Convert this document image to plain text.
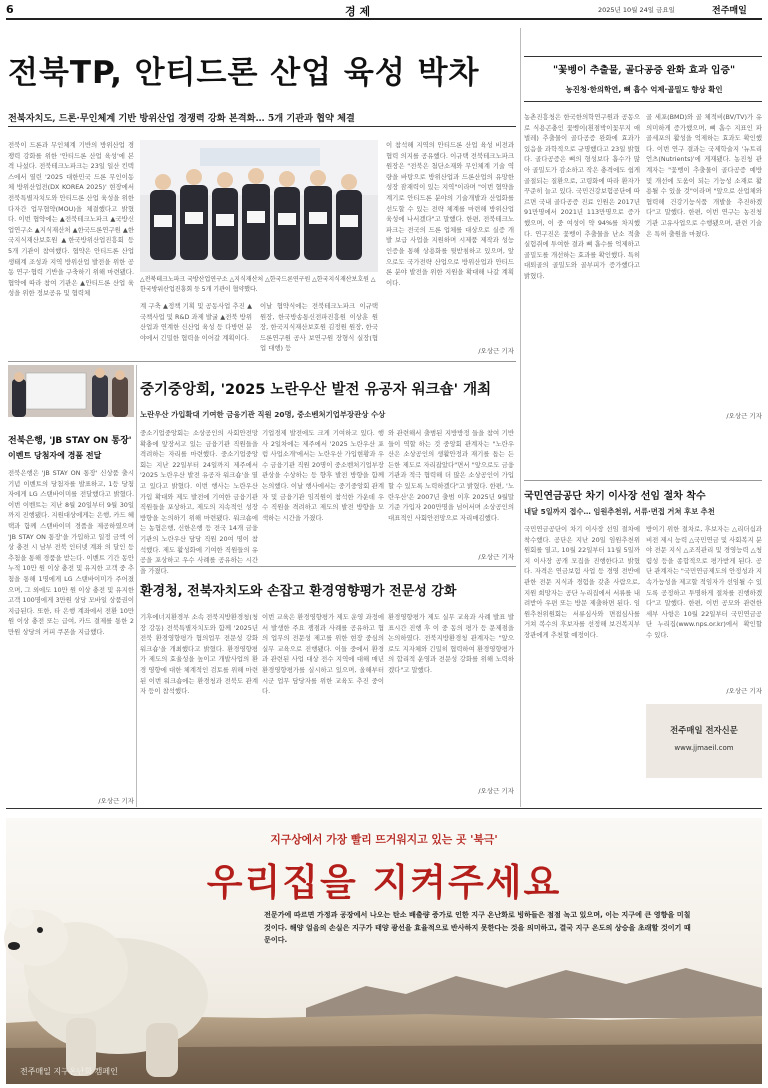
6	경 제	2025년 10월 24일 금요일	전주매일
전북TP, 안티드론 산업 육성 박차
전북자치도, 드론·무인체계 기반 방위산업 경쟁력 강화 본격화… 5개 기관과 협약 체결
전북이 드론과 무인체계 기반의 방위산업 경쟁력 강화를 위한 '안티드론 산업 육성'에 본격 나섰다. 전북테크노파크는 23일 일산 킨텍스에서 열린 '2025 대한민국 드론 무인이동체 방위산업전(DX KOREA 2025)' 현장에서 전북특별자치도와 안티드론 산업 육성을 위한 다자간 업무협약(MOU)을 체결했다고 밝혔다. 이번 협약에는 ▲전북테크노파크 ▲국방신 업연구소 ▲지식재산처 ▲한국드론연구원 ▲한국지식재산보호원 ▲한국방위산업진흥회 등 5개 기관이 참여했다. 협약은 안티드론 산업 생태계 조성과 지역 방위산업 발전을 위한 공동 연구·협력 기반을 구축하기 위해 마련됐다. 협약에 따라 참여 기관은 ▲안티드론 산업 육성을 위한 정보공유 및 협력체
△전북테크노파크 국방산업연구소 △지식재산처 △한국드론연구원 △한국지식재산보호원 △한국방위산업진흥회 등 5개 기관이 협약했다.
계 구축 ▲정책 기획 및 공동사업 추진 ▲국책사업 및 R&D 과제 발굴 ▲전북 방위산업과 연계한 신산업 육성 등 다방면 분야에서 긴밀한 협력을 이어갈 계획이다.
이날 협약식에는 전북테크노파크 이규택 원장, 한국방송통신전파진흥원 이상훈 원장, 한국지식재산보호원 김정원 원장, 한국드론연구원 공사 보연구원 장형식 실장(협업 대행) 등
이 참석해 지역의 안티드론 산업 육성 비전과 협력 의지를 공유했다. 이규택 전북테크노파크 원장은 "전북은 첨단소재와 무인체계 기술 역량을 바탕으로 방위산업과 드론산업의 유망한 성장 잠재력이 있는 지역"이라며 "이번 협약을 계기로 안티드론 분야의 기술개발과 산업화를 선도할 수 있는 전략 체계를 마련해 방위산업 육성에 나서겠다"고 말했다. 한편, 전북테크노파크는 전국의 드론 업체를 대상으로 실증 개발 보급 사업을 지원하며 시제품 제작과 성능 인증을 통해 상용화를 뒷받침하고 있으며, 앞으로도 국가전략 산업으로 방위산업과 안티드론 분야 발전을 위한 지원을 확대해 나갈 계획이다.
/오상근 기자
전북은행, 'JB STAY ON 통장'
이벤트 당첨자에 경품 전달
전북은행은 'JB STAY ON 통장' 신상품 출시 기념 이벤트의 당첨자를 발표하고, 1등 당첨자에게 LG 스탠바이미를 전달했다고 밝혔다. 이번 이벤트는 지난 8월 20일부터 9월 30일까지 진행됐다. 지원대상에게는 은행, 카드 혜택과 함께 스탠바이미 경품을 제공하였으며 'JB STAY ON 통장'을 가입하고 일정 금액 이상 충전 시 남부 전북 인터넷 계좌 의 달인 등 추첨을 통해 경품을 받는다. 이벤트 기간 동안 누적 10만 원 이상 충전 및 유지한 고객 중 추첨을 통해 1명에게 LG 스탠바이미가 주어졌으며, 그 외에도 10만 원 이상 충전 및 유지한 고객 100명에게 3만원 상당 모바일 상품권이 지급된다. 또한, 타 은행 계좌에서 전환 10만원 이상 충전 또는 급여, 카드 결제를 통한 2만원 상당의 커피 쿠폰을 지급했다.
/오상근 기자
중기중앙회, '2025 노란우산 발전 유공자 워크숍' 개최
노란우산 가입확대 기여한 금융기관 직원 20명, 중소벤처기업부장관상 수상
중소기업중앙회는 소상공인의 사회안전망 확충에 앞장서고 있는 금융기관 직원들을 격려하는 자리를 마련했다. 중소기업중앙회는 지난 22일부터 24일까지 제주에서 '2025 노란우산 발전 유공자 워크숍'을 열고 있다고 밝혔다. 이번 행사는 노란우산 가입 확대와 제도 발전에 기여한 금융기관 직원들을 포상하고, 제도의 지속적인 성장 방향을 논의하기 위해 마련됐다. 워크숍에는 농협은행, 신한은행 등 전국 14개 금융기관의 노란우산 담당 직원 20여 명이 참석했다. 제도 활성화에 기여한 직원들의 유공을 포상하고 우수 사례를 공유하는 시간을 가졌다.
기업경제 발전에도 크게 기여하고 있다. 행사 2일차에는 제주에서 '2025 노란우산 포럼 사업소개'에서는 노란우산 가입현황과 우수 금융기관 직원 20명이 중소벤처기업부장관상을 수상하는 등 향후 발전 방향을 함께 논의했다. 이날 행사에서는 중기중앙회 관계자 및 금융기관 임직원이 참석한 가운데 우수 직원을 격려하고 제도의 발전 방향을 모색하는 시간을 가졌다.
와 관련해서 출범된 지방방정 들을 참여 기반들이 역할 하는 것 중앙회 관계자는 "노란우산은 소상공인의 생활안정과 재기를 돕는 든든한 제도로 자리잡았다"면서 "앞으로도 금융기관과 적극 협력해 더 많은 소상공인이 가입할 수 있도록 노력하겠다"고 밝혔다. 한편, '노란우산'은 2007년 출범 이후 2025년 9월말 기준 가입자 200만명을 넘어서며 소상공인의 대표적인 사회안전망으로 자리매김했다.
/오상근 기자
환경청, 전북자치도와 손잡고 환경영향평가 전문성 강화
기후에너지환경부 소속 전북지방환경청(청장 강동) 전북특별자치도와 함께 '2025년 전북 환경영향평가 협의업무 전문성 강화 워크숍'을 개최했다고 밝혔다. 환경영향평가 제도의 효율성을 높이고 개발사업의 환경 영향에 대한 체계적인 검토를 위해 마련된 이번 워크숍에는 환경청과 전북도 관계자 등이 참석했다.
이번 교육은 환경영향평가 제도 운영 과정에서 발생한 주요 쟁점과 사례를 공유하고 협의 업무의 전문성 제고를 위한 현장 중심의 실무 교육으로 진행됐다. 이들 중에서 환경과 관련된 사업 대상 전수 지역에 대해 매년 환경영향평가를 실시하고 있으며, 올해부터 시군 업무 담당자를 위한 교육도 추진 중이다.
환경영향평가 제도 실무 교육과 사례 발표 발표시간 진행 후 이 중 동의 평가 등 문제점을 논의하였다. 전북지방환경청 관계자는 "앞으로도 지자체와 긴밀히 협력하여 환경영향평가의 합리적 운영과 전문성 강화를 위해 노력하겠다"고 말했다.
/오상근 기자
"꽃벵이 추출물, 골다공증 완화 효과 입증"
농진청·한의학연, 뼈 흡수 억제·골밀도 향상 확인
농촌진흥청은 한국한의학연구원과 공동으로 식용곤충인 꽃벵이(흰점박이꽃무지 애벌레) 추출물이 골다공증 완화에 효과가 있음을 과학적으로 규명했다고 23일 밝혔다. 골다공증은 뼈의 형성보다 흡수가 많아 골밀도가 감소하고 작은 충격에도 쉽게 골절되는 질환으로, 고령화에 따라 환자가 꾸준히 늘고 있다. 국민건강보험공단에 따르면 국내 골다공증 진료 인원은 2017년 91만명에서 2021년 113만명으로 증가했으며, 이 중 여성이 약 94%를 차지했다. 연구진은 꽃벵이 추출물을 난소 적출 실험쥐에 투여한 결과 뼈 흡수를 억제하고 골밀도를 개선하는 효과를 확인했다. 특히 대퇴골의 골밀도와 골부피가 증가했다고 밝혔다.
골 세포(BMD)와 골 체적비(BV/TV)가 유의미하게 증가했으며, 뼈 흡수 지표인 파골세포의 활성을 억제하는 효과도 확인했다. 이번 연구 결과는 국제학술지 '뉴트리언츠(Nutrients)'에 게재됐다. 농진청 관계자는 "꽃벵이 추출물이 골다공증 예방 및 개선에 도움이 되는 기능성 소재로 활용될 수 있을 것"이라며 "앞으로 산업체와 협력해 건강기능식품 개발을 추진하겠다"고 말했다. 한편, 이번 연구는 농진청 기관 고유사업으로 수행됐으며, 관련 기술은 특허 출원을 마쳤다.
/오상근 기자
국민연금공단 차기 이사장 선임 절차 착수
내달 5일까지 접수… 임원추천위, 서류·면접 거쳐 후보 추천
국민연금공단이 차기 이사장 선임 절차에 착수했다. 공단은 지난 20일 임원추천위원회를 열고, 10월 22일부터 11월 5일까지 이사장 공개 모집을 진행한다고 밝혔다. 자격은 연금보험 사업 등 경영 전반에 관한 전문 지식과 경험을 갖춘 사람으로, 지원 희망자는 공단 누리집에서 서류를 내려받아 우편 또는 방문 제출하면 된다. 임원추천위원회는 서류심사와 면접심사를 거쳐 복수의 후보자를 선정해 보건복지부 장관에게 추천할 예정이다.
방이기 위한 절차로, 후보자는 △리더십과 비전 제시 능력 △국민연금 및 사회복지 분야 전문 지식 △조직관리 및 경영능력 △청렴성 등을 종합적으로 평가받게 된다. 공단 관계자는 "국민연금제도의 안정성과 지속가능성을 제고할 적임자가 선임될 수 있도록 공정하고 투명하게 절차를 진행하겠다"고 말했다. 한편, 이번 공모와 관련한 세부 사항은 10월 22일부터 국민연금공단 누리집(www.nps.or.kr)에서 확인할 수 있다.
/오상근 기자
전주매일 전자신문
www.jjmaeil.com
지구상에서 가장 빨리 뜨거워지고 있는 곳 '북극'
우리집을 지켜주세요
전문가에 따르면 가정과 공장에서 나오는 탄소 배출량 증가로 인한 지구 온난화로 빙하들은 점점 녹고 있으며, 이는 지구에 큰 영향을 미칠 것이다. 해양 얼음의 손실은 지구가 태양 광선을 효율적으로 반사하지 못한다는 것을 의미하고, 결국 지구 온도의 상승을 초래할 것이기 때문이다.
전주매일 지구온난화 캠페인
